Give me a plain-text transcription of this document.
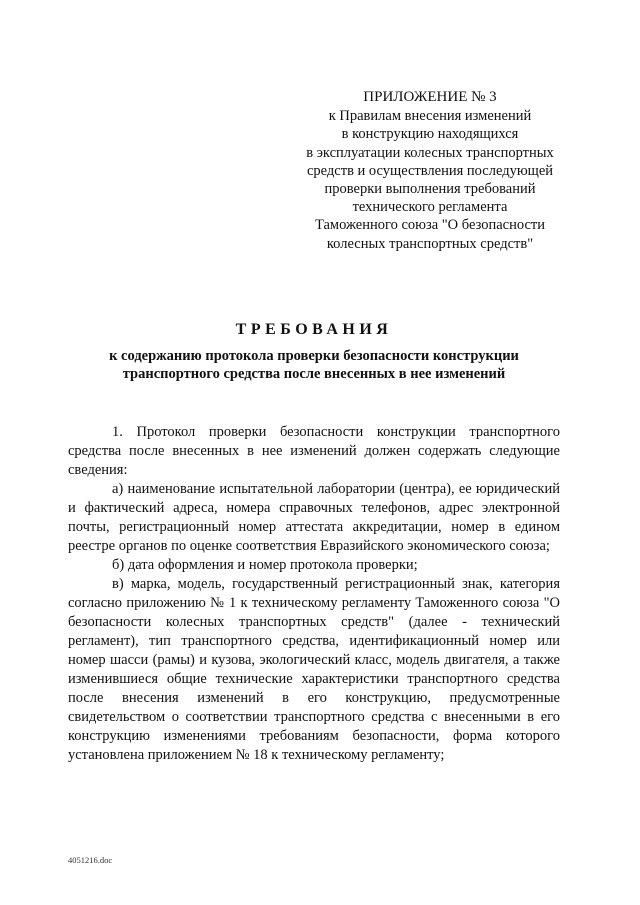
ПРИЛОЖЕНИЕ № 3
к Правилам внесения изменений
в конструкцию находящихся
в эксплуатации колесных транспортных
средств и осуществления последующей
проверки выполнения требований
технического регламента
Таможенного союза "О безопасности
колесных транспортных средств"
ТРЕБОВАНИЯ
к содержанию протокола проверки безопасности конструкции
транспортного средства после внесенных в нее изменений

1. Протокол проверки безопасности конструкции транспортного средства после внесенных в нее изменений должен содержать следующие сведения:

а) наименование испытательной лаборатории (центра), ее юридический и фактический адреса, номера справочных телефонов, адрес электронной почты, регистрационный номер аттестата аккредитации, номер в едином реестре органов по оценке соответствия Евразийского экономического союза;

б) дата оформления и номер протокола проверки;

в) марка, модель, государственный регистрационный знак, категория согласно приложению № 1 к техническому регламенту Таможенного союза "О безопасности колесных транспортных средств" (далее - технический регламент), тип транспортного средства, идентификационный номер или номер шасси (рамы) и кузова, экологический класс, модель двигателя, а также изменившиеся общие технические характеристики транспортного средства после внесения изменений в его конструкцию, предусмотренные свидетельством о соответствии транспортного средства с внесенными в его конструкцию изменениями требованиям безопасности, форма которого установлена приложением № 18 к техническому регламенту;

4051216.doc
